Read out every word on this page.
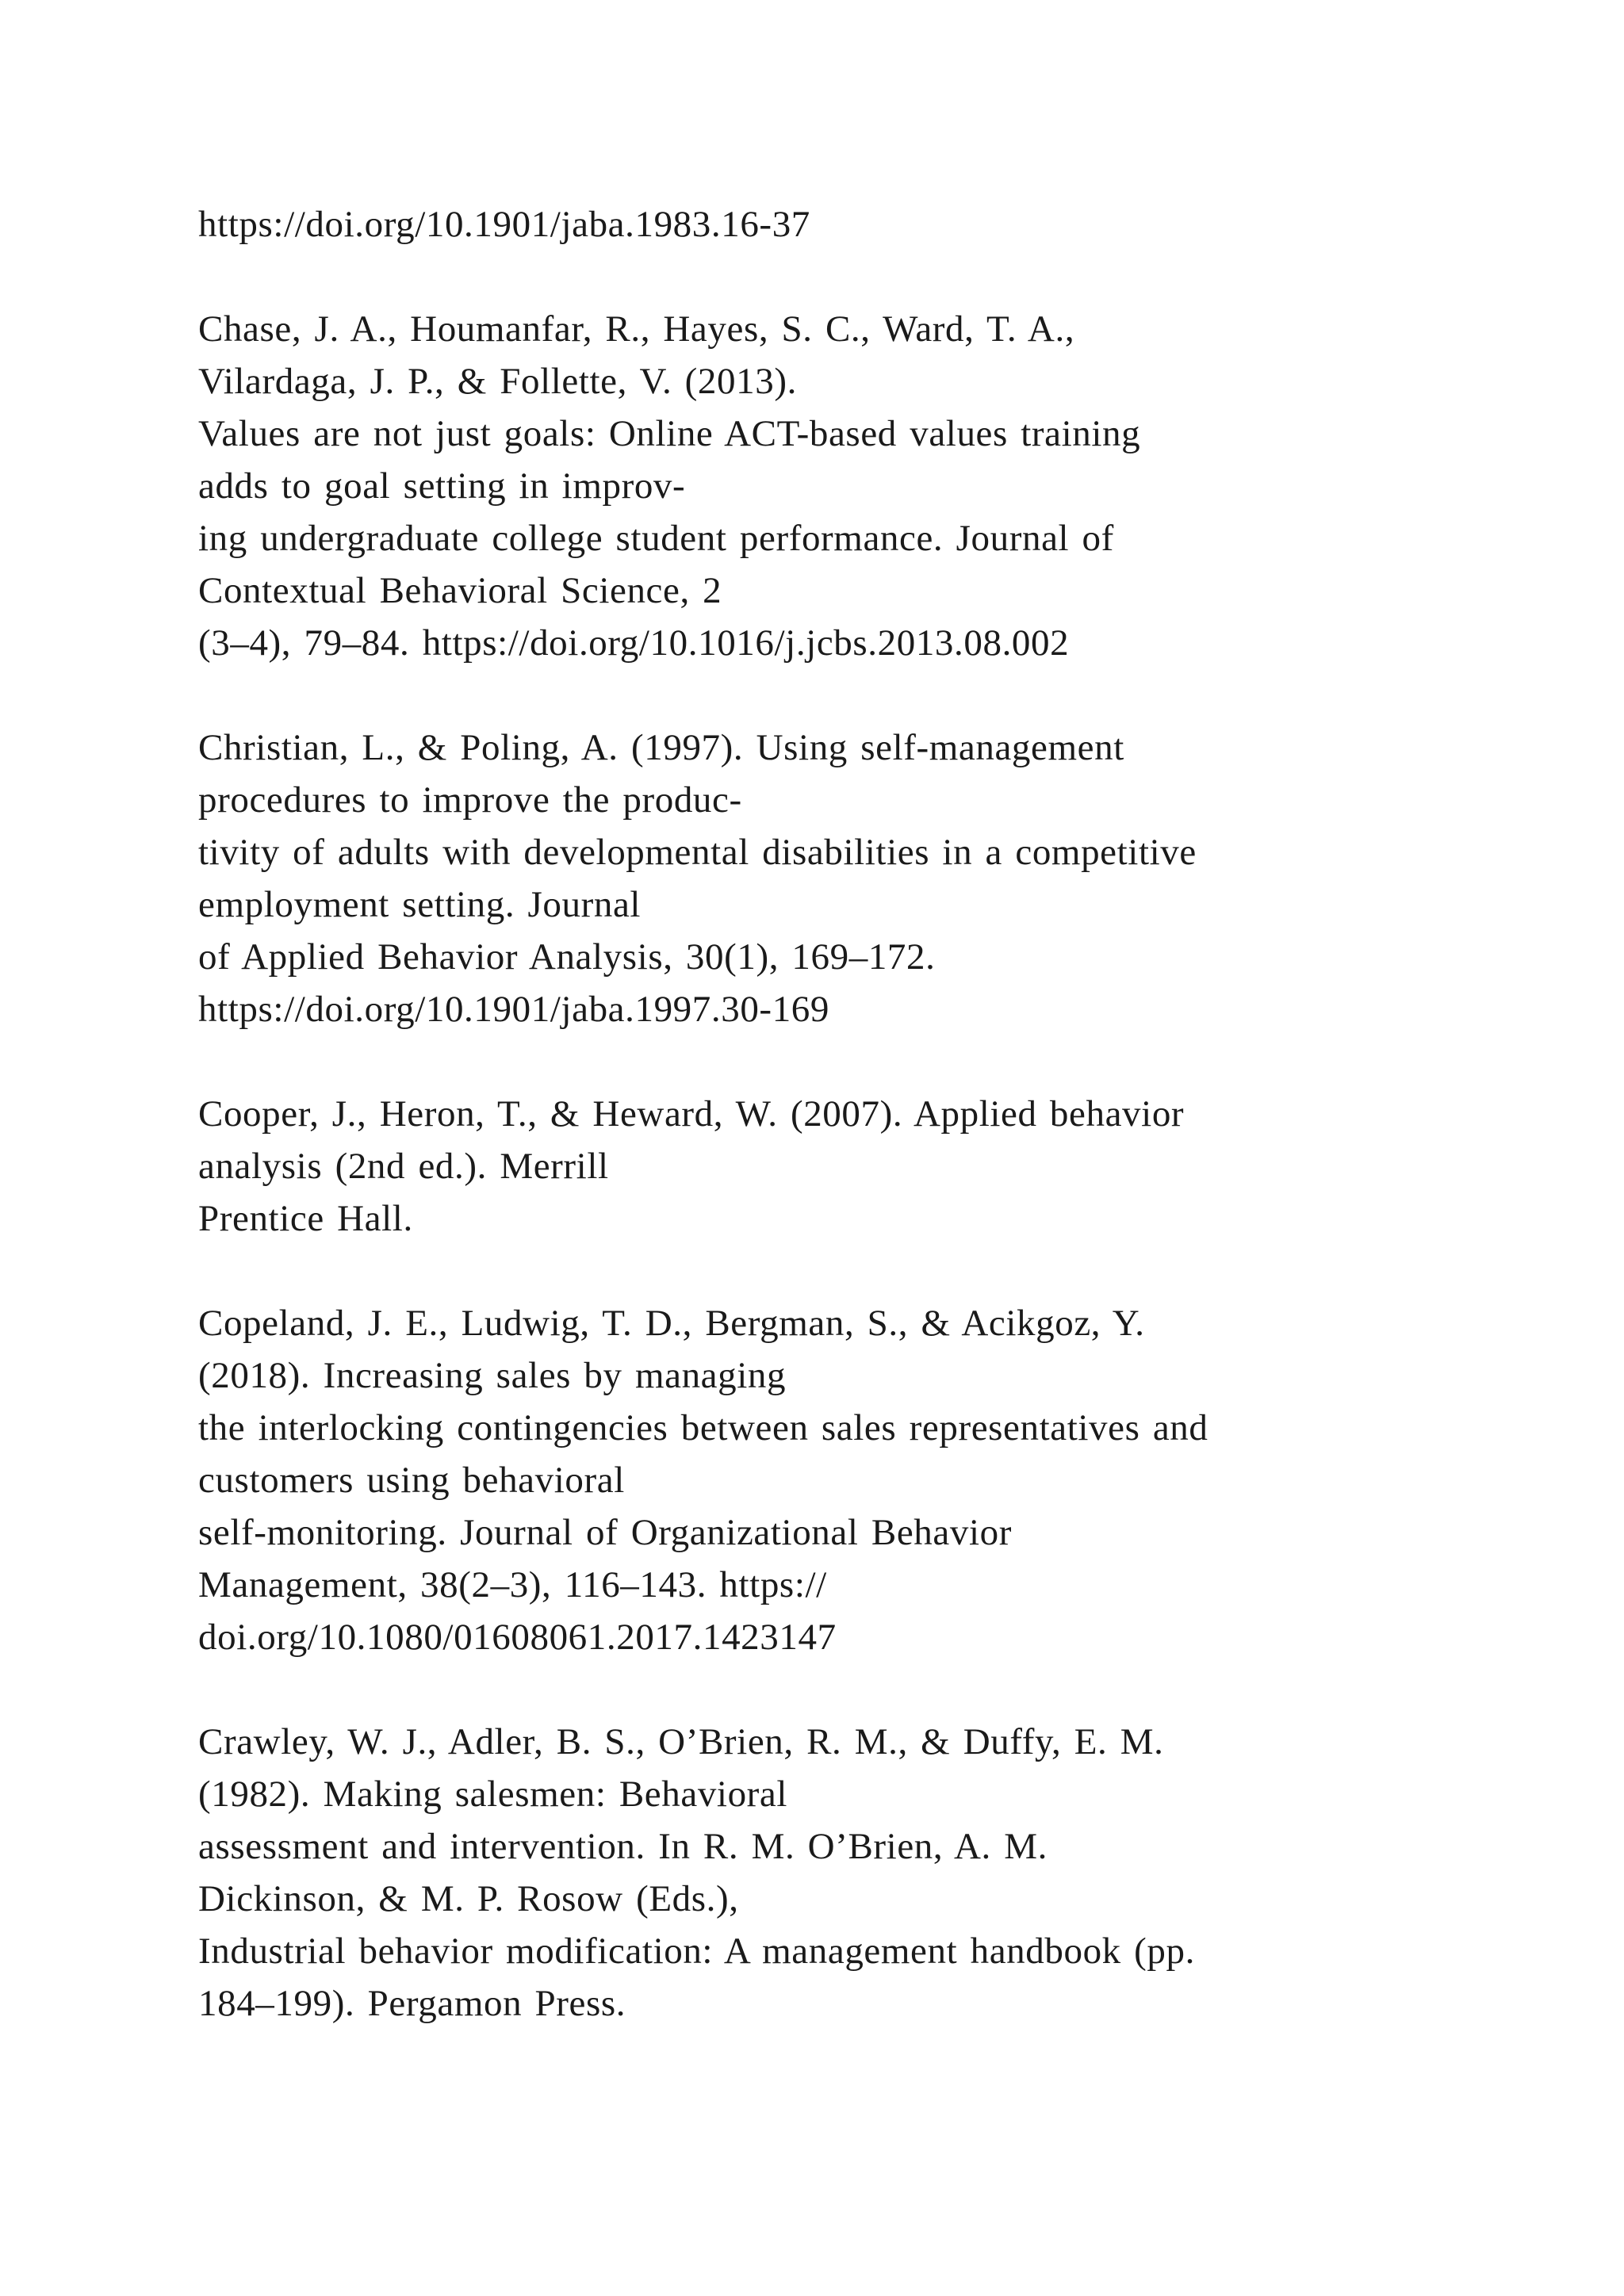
https://doi.org/10.1901/jaba.1983.16-37
Chase, J. A., Houmanfar, R., Hayes, S. C., Ward, T. A.,
Vilardaga, J. P., & Follette, V. (2013).
Values are not just goals: Online ACT-based values training
adds to goal setting in improv-
ing undergraduate college student performance. Journal of
Contextual Behavioral Science, 2
(3–4), 79–84. https://doi.org/10.1016/j.jcbs.2013.08.002
Christian, L., & Poling, A. (1997). Using self-management
procedures to improve the produc-
tivity of adults with developmental disabilities in a competitive
employment setting. Journal
of Applied Behavior Analysis, 30(1), 169–172.
https://doi.org/10.1901/jaba.1997.30-169
Cooper, J., Heron, T., & Heward, W. (2007). Applied behavior
analysis (2nd ed.). Merrill
Prentice Hall.
Copeland, J. E., Ludwig, T. D., Bergman, S., & Acikgoz, Y.
(2018). Increasing sales by managing
the interlocking contingencies between sales representatives and
customers using behavioral
self-monitoring. Journal of Organizational Behavior
Management, 38(2–3), 116–143. https://
doi.org/10.1080/01608061.2017.1423147
Crawley, W. J., Adler, B. S., O’Brien, R. M., & Duffy, E. M.
(1982). Making salesmen: Behavioral
assessment and intervention. In R. M. O’Brien, A. M.
Dickinson, & M. P. Rosow (Eds.),
Industrial behavior modification: A management handbook (pp.
184–199). Pergamon Press.
